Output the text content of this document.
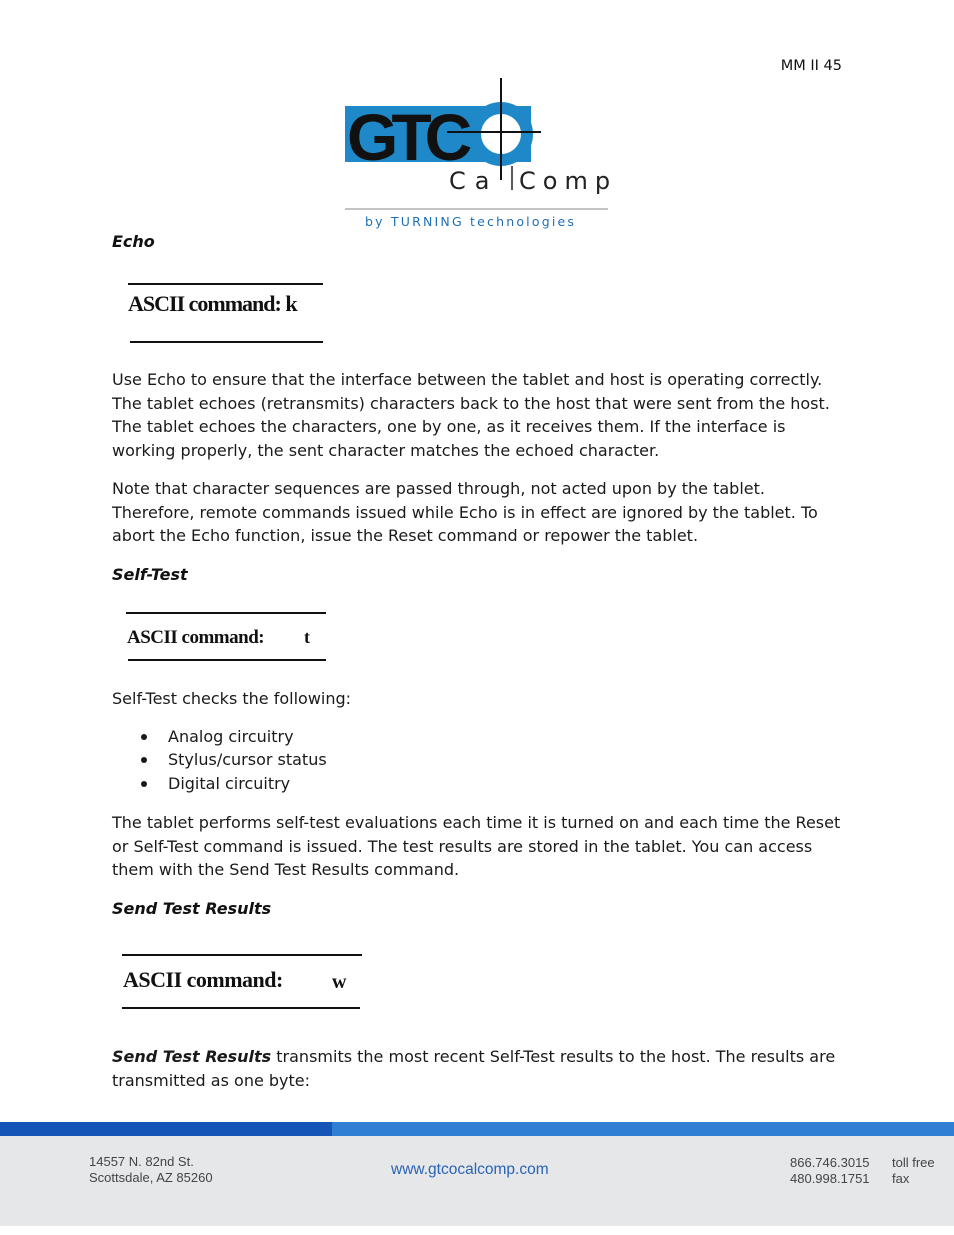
MM II 45
GTC
Ca Comp
by TURNING technologies
Echo
ASCII command: k

Use Echo to ensure that the interface between the tablet and host is operating correctly. The tablet echoes (retransmits) characters back to the host that were sent from the host. The tablet echoes the characters, one by one, as it receives them. If the interface is working properly, the sent character matches the echoed character.

Note that character sequences are passed through, not acted upon by the tablet. Therefore, remote commands issued while Echo is in effect are ignored by the tablet. To abort the Echo function, issue the Reset command or repower the tablet.

Self-Test
ASCII command: t

Self-Test checks the following:

Analog circuitry
Stylus/cursor status
Digital circuitry

The tablet performs self-test evaluations each time it is turned on and each time the Reset or Self-Test command is issued. The test results are stored in the tablet. You can access them with the Send Test Results command.

Send Test Results
ASCII command: w

Send Test Results transmits the most recent Self-Test results to the host. The results are transmitted as one byte:

14557 N. 82nd St.
Scottsdale, AZ 85260	www.gtcocalcomp.com	866.746.3015 toll free
480.998.1751 fax
